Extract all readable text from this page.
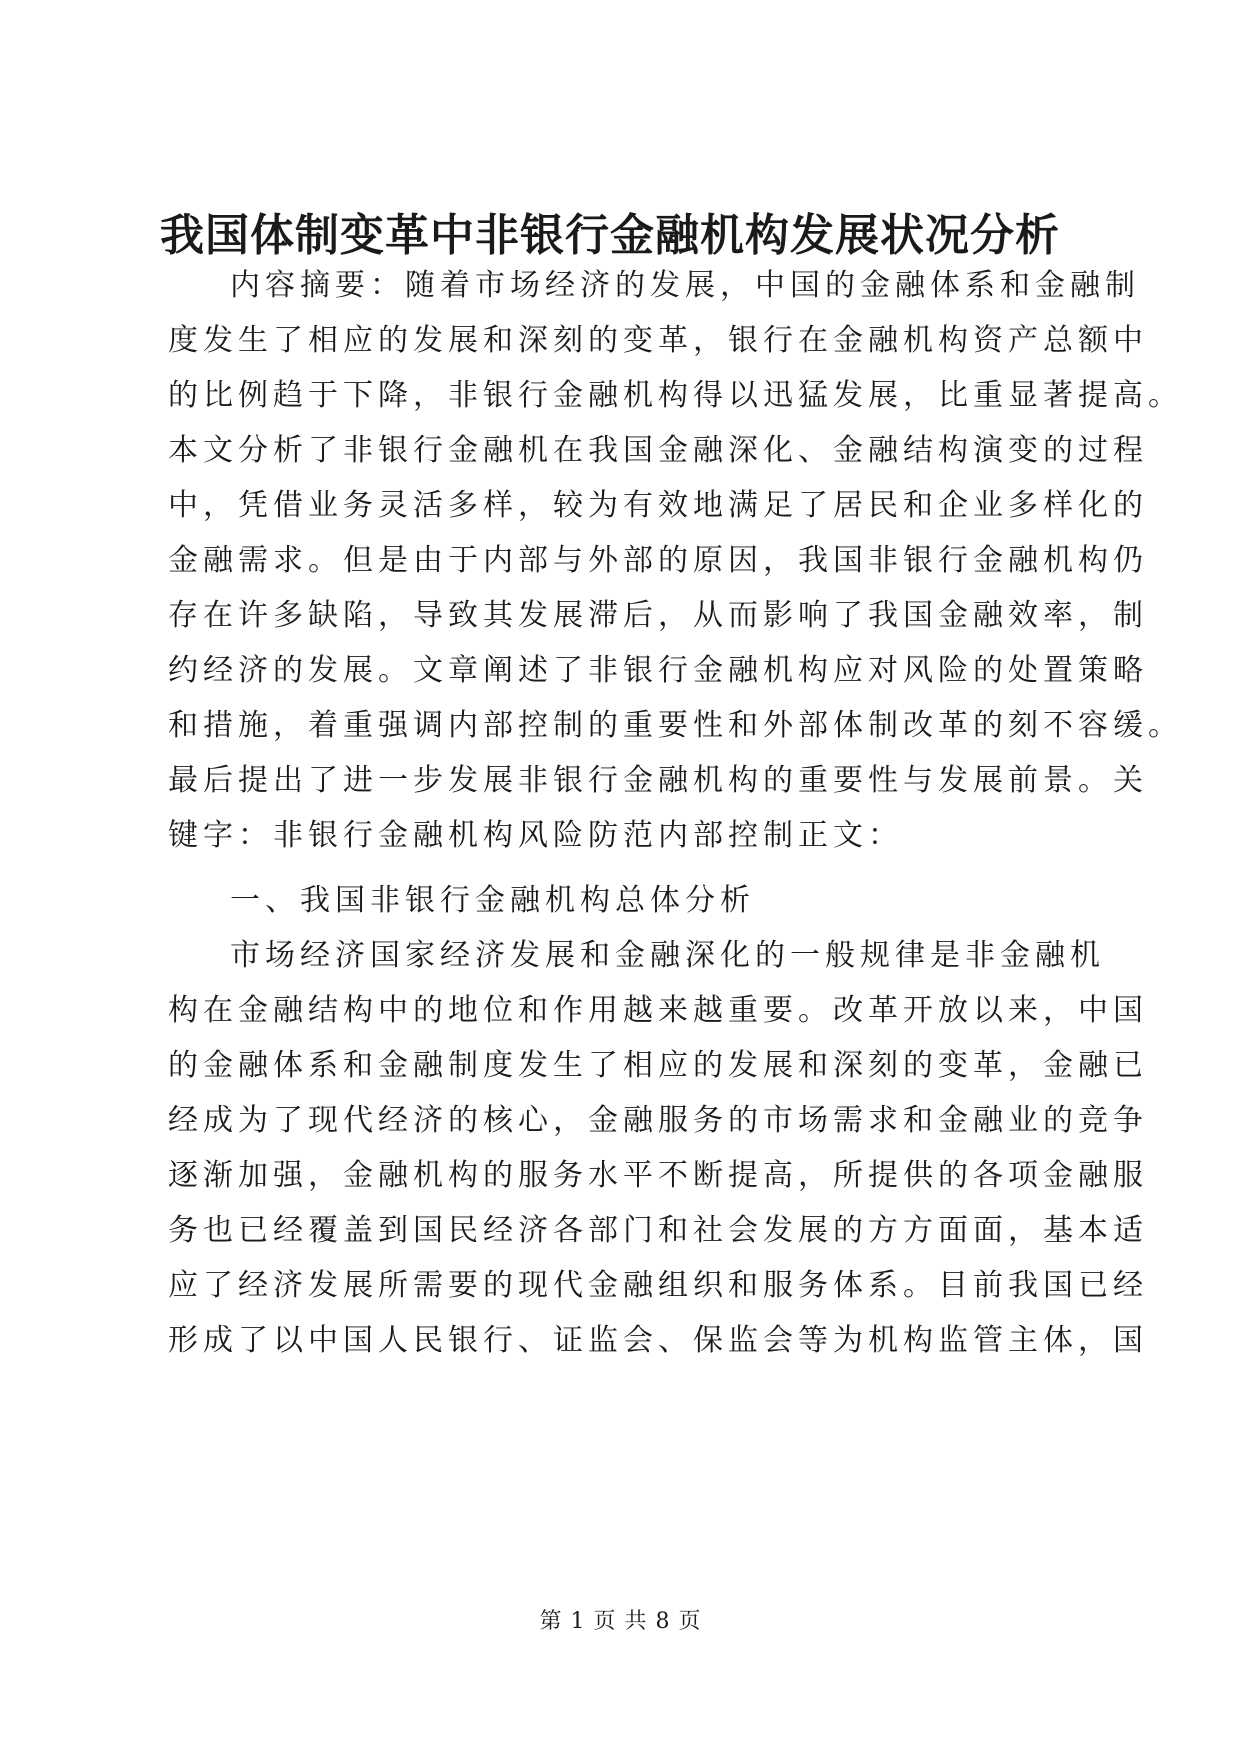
我国体制变革中非银行金融机构发展状况分析
内容摘要：随着市场经济的发展，中国的金融体系和金融制
度发生了相应的发展和深刻的变革，银行在金融机构资产总额中
的比例趋于下降，非银行金融机构得以迅猛发展，比重显著提高。
本文分析了非银行金融机在我国金融深化、金融结构演变的过程
中，凭借业务灵活多样，较为有效地满足了居民和企业多样化的
金融需求。但是由于内部与外部的原因，我国非银行金融机构仍
存在许多缺陷，导致其发展滞后，从而影响了我国金融效率，制
约经济的发展。文章阐述了非银行金融机构应对风险的处置策略
和措施，着重强调内部控制的重要性和外部体制改革的刻不容缓。
最后提出了进一步发展非银行金融机构的重要性与发展前景。关
键字：非银行金融机构风险防范内部控制正文：
一、我国非银行金融机构总体分析
市场经济国家经济发展和金融深化的一般规律是非金融机
构在金融结构中的地位和作用越来越重要。改革开放以来，中国
的金融体系和金融制度发生了相应的发展和深刻的变革，金融已
经成为了现代经济的核心，金融服务的市场需求和金融业的竞争
逐渐加强，金融机构的服务水平不断提高，所提供的各项金融服
务也已经覆盖到国民经济各部门和社会发展的方方面面，基本适
应了经济发展所需要的现代金融组织和服务体系。目前我国已经
形成了以中国人民银行、证监会、保监会等为机构监管主体，国
第 1 页 共 8 页
